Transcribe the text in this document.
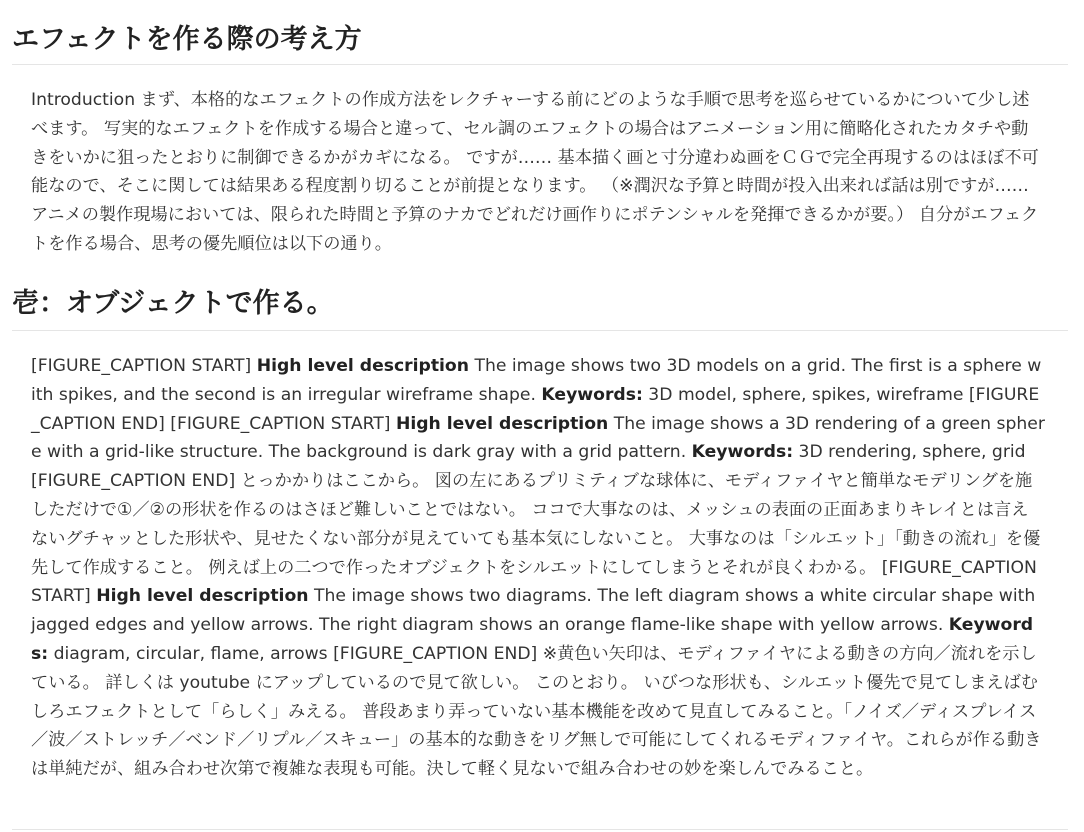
エフェクトを作る際の考え方

Introduction まず、本格的なエフェクトの作成方法をレクチャーする前にどのような手順で思考を巡らせているかについて少し述べます。 写実的なエフェクトを作成する場合と違って、セル調のエフェクトの場合はアニメーション用に簡略化されたカタチや動きをいかに狙ったとおりに制御できるかがカギになる。 ですが…… 基本描く画と寸分違わぬ画をＣＧで完全再現するのはほぼ不可能なので、そこに関しては結果ある程度割り切ることが前提となります。 （※潤沢な予算と時間が投入出来れば話は別ですが……アニメの製作現場においては、限られた時間と予算のナカでどれだけ画作りにポテンシャルを発揮できるかが要。） 自分がエフェクトを作る場合、思考の優先順位は以下の通り。

壱：オブジェクトで作る。

[FIGURE_CAPTION START] High level description The image shows two 3D models on a grid. The first is a sphere with spikes, and the second is an irregular wireframe shape. Keywords: 3D model, sphere, spikes, wireframe [FIGURE_CAPTION END] [FIGURE_CAPTION START] High level description The image shows a 3D rendering of a green sphere with a grid-like structure. The background is dark gray with a grid pattern. Keywords: 3D rendering, sphere, grid [FIGURE_CAPTION END] とっかかりはここから。 図の左にあるプリミティブな球体に、モディファイヤと簡単なモデリングを施しただけで①／②の形状を作るのはさほど難しいことではない。 ココで大事なのは、メッシュの表面の正面あまりキレイとは言えないグチャッとした形状や、見せたくない部分が見えていても基本気にしないこと。 大事なのは「シルエット」「動きの流れ」を優先して作成すること。 例えば上の二つで作ったオブジェクトをシルエットにしてしまうとそれが良くわかる。 [FIGURE_CAPTION START] High level description The image shows two diagrams. The left diagram shows a white circular shape with jagged edges and yellow arrows. The right diagram shows an orange flame-like shape with yellow arrows. Keywords: diagram, circular, flame, arrows [FIGURE_CAPTION END] ※黄色い矢印は、モディファイヤによる動きの方向／流れを示している。 詳しくは youtube にアップしているので見て欲しい。 このとおり。 いびつな形状も、シルエット優先で見てしまえばむしろエフェクトとして「らしく」みえる。 普段あまり弄っていない基本機能を改めて見直してみること。「ノイズ／ディスプレイス／波／ストレッチ／ベンド／リプル／スキュー」の基本的な動きをリグ無しで可能にしてくれるモディファイヤ。これらが作る動きは単純だが、組み合わせ次第で複雑な表現も可能。決して軽く見ないで組み合わせの妙を楽しんでみること。
